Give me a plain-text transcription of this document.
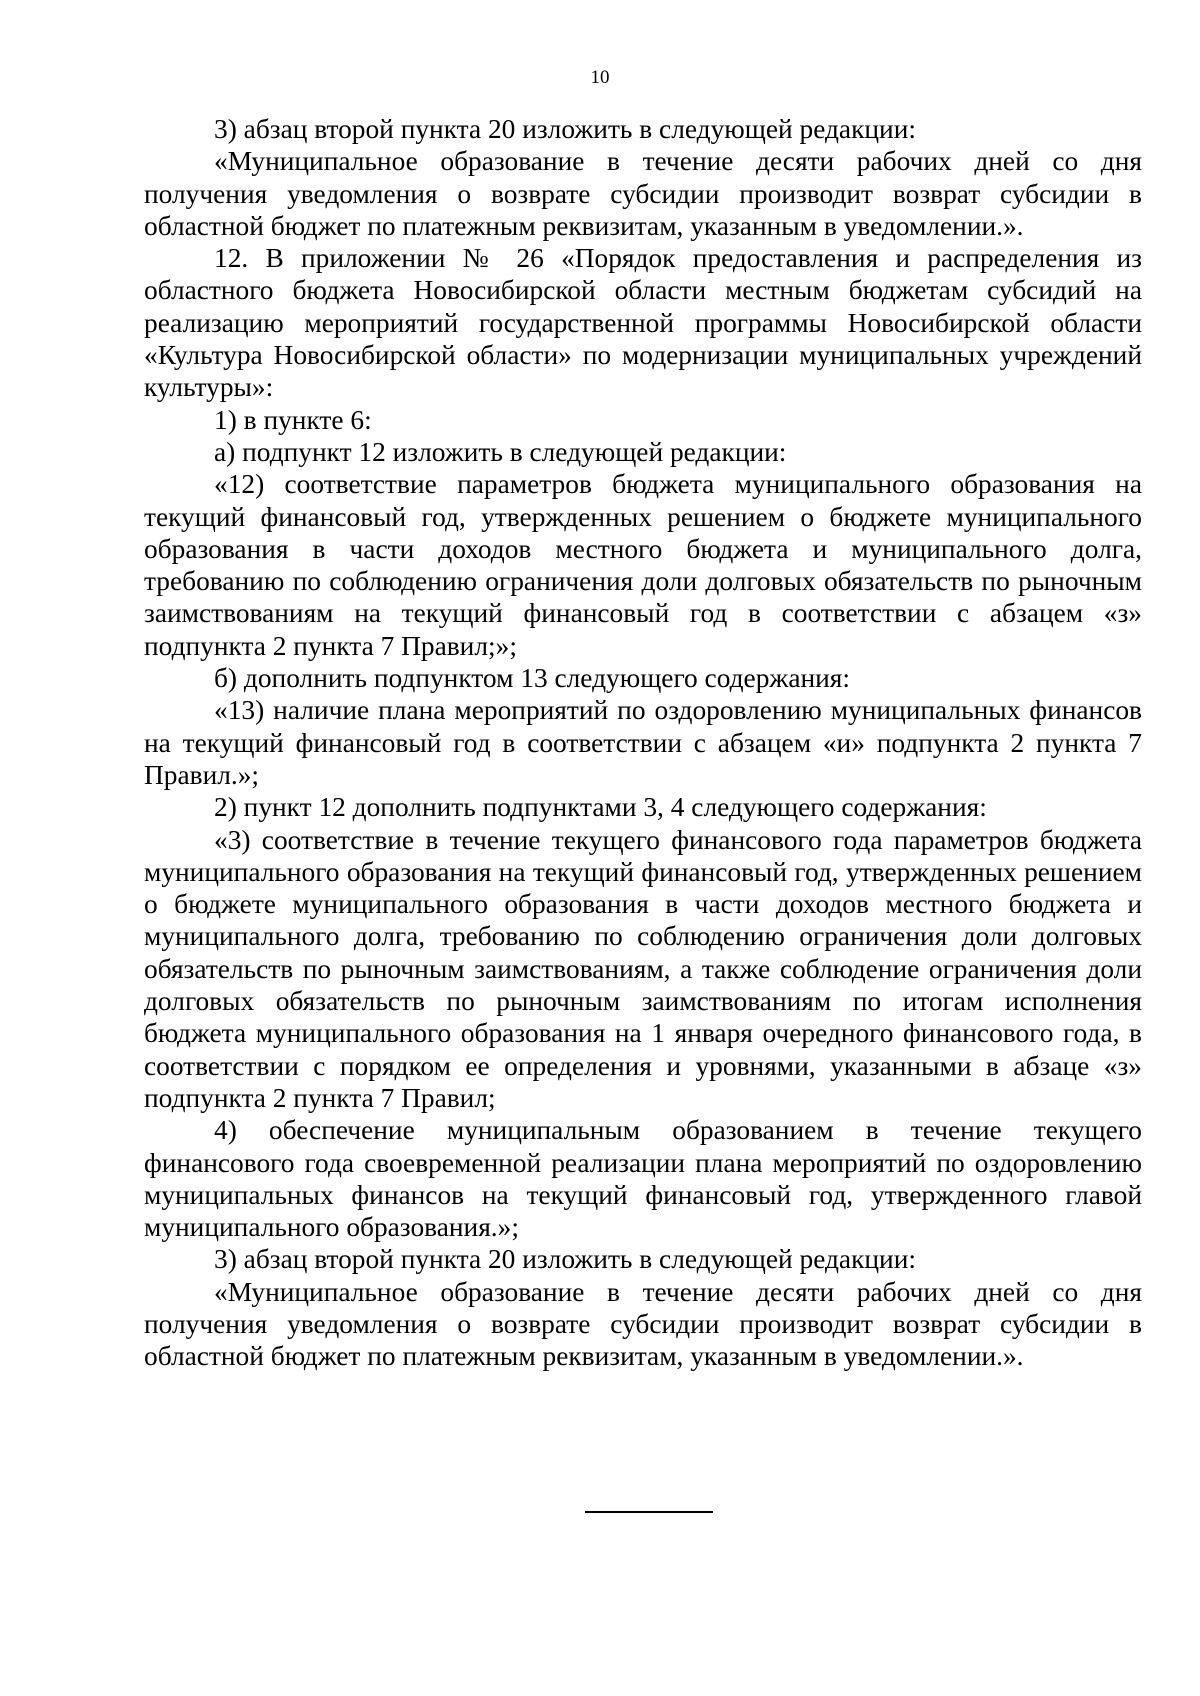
10

3) абзац второй пункта 20 изложить в следующей редакции:

«Муниципальное образование в течение десяти рабочих дней со дня получения уведомления о возврате субсидии производит возврат субсидии в областной бюджет по платежным реквизитам, указанным в уведомлении.».

12. В приложении № 26 «Порядок предоставления и распределения из областного бюджета Новосибирской области местным бюджетам субсидий на реализацию мероприятий государственной программы Новосибирской области «Культура Новосибирской области» по модернизации муниципальных учреждений культуры»:

1) в пункте 6:

а) подпункт 12 изложить в следующей редакции:

«12) соответствие параметров бюджета муниципального образования на текущий финансовый год, утвержденных решением о бюджете муниципального образования в части доходов местного бюджета и муниципального долга, требованию по соблюдению ограничения доли долговых обязательств по рыночным заимствованиям на текущий финансовый год в соответствии с абзацем «з» подпункта 2 пункта 7 Правил;»;

б) дополнить подпунктом 13 следующего содержания:

«13) наличие плана мероприятий по оздоровлению муниципальных финансов на текущий финансовый год в соответствии с абзацем «и» подпункта 2 пункта 7 Правил.»;

2) пункт 12 дополнить подпунктами 3, 4 следующего содержания:

«3) соответствие в течение текущего финансового года параметров бюджета муниципального образования на текущий финансовый год, утвержденных решением о бюджете муниципального образования в части доходов местного бюджета и муниципального долга, требованию по соблюдению ограничения доли долговых обязательств по рыночным заимствованиям, а также соблюдение ограничения доли долговых обязательств по рыночным заимствованиям по итогам исполнения бюджета муниципального образования на 1 января очередного финансового года, в соответствии с порядком ее определения и уровнями, указанными в абзаце «з» подпункта 2 пункта 7 Правил;

4) обеспечение муниципальным образованием в течение текущего финансового года своевременной реализации плана мероприятий по оздоровлению муниципальных финансов на текущий финансовый год, утвержденного главой муниципального образования.»;

3) абзац второй пункта 20 изложить в следующей редакции:

«Муниципальное образование в течение десяти рабочих дней со дня получения уведомления о возврате субсидии производит возврат субсидии в областной бюджет по платежным реквизитам, указанным в уведомлении.».
